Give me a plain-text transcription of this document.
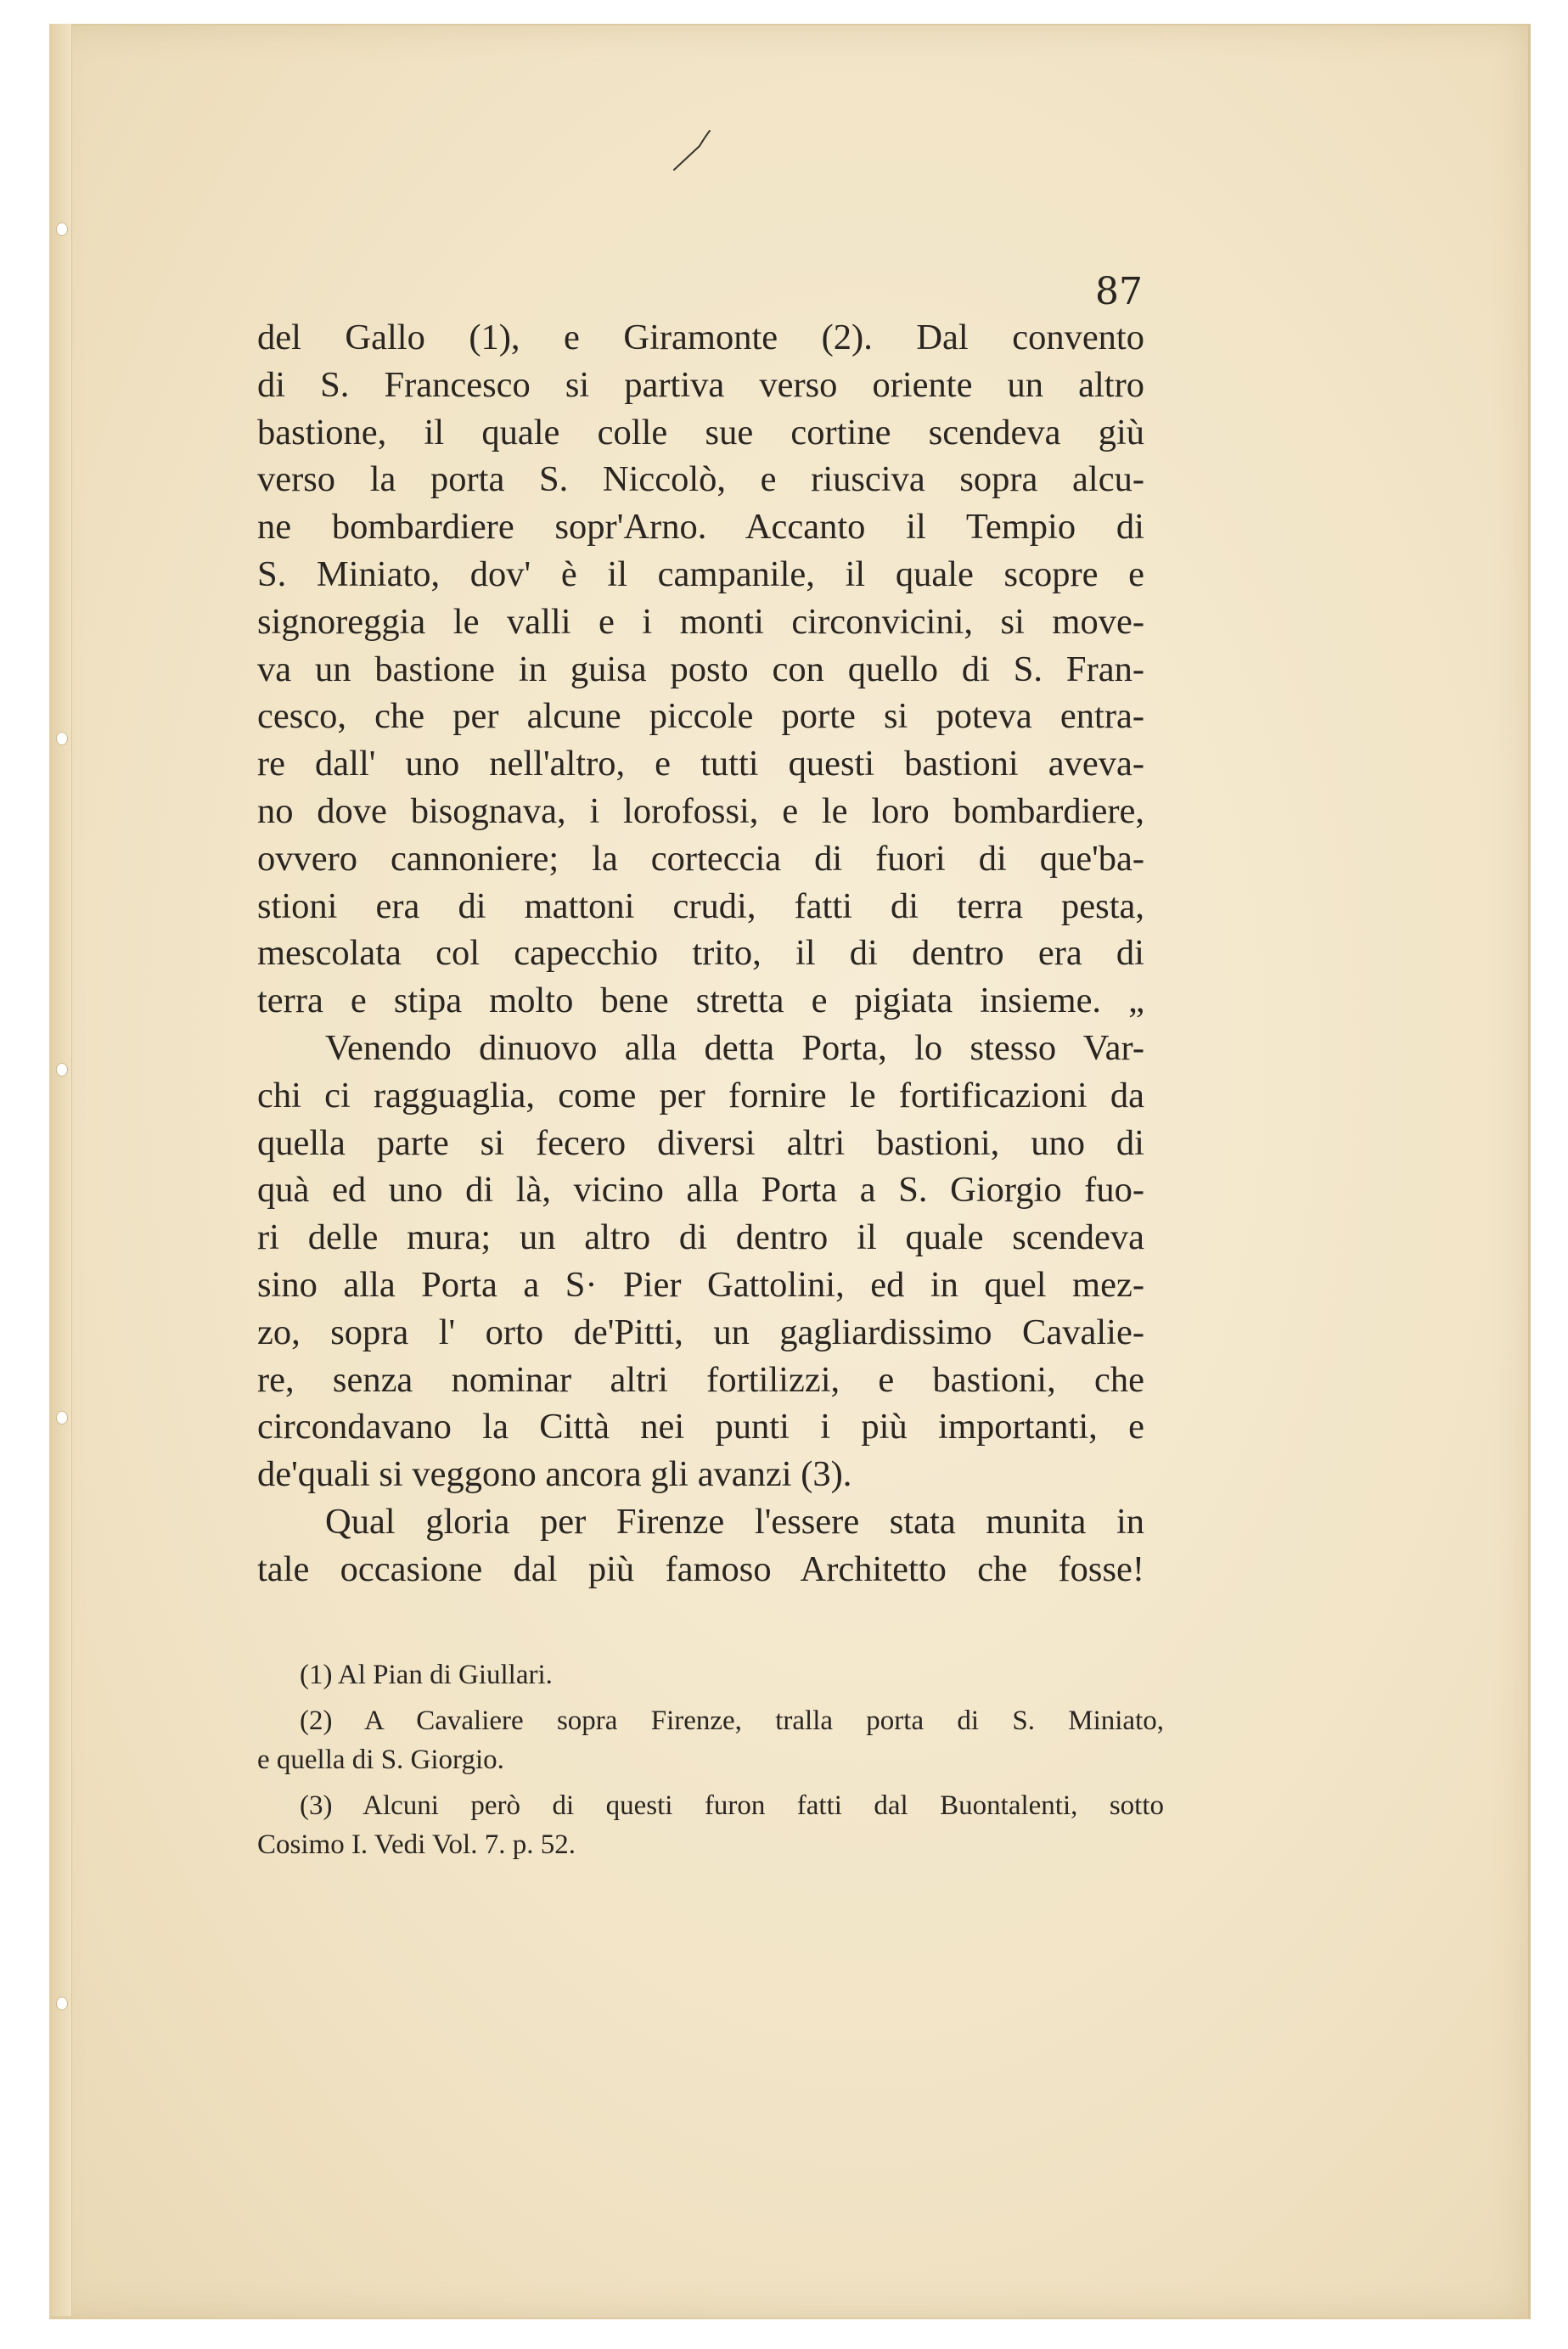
87
del Gallo (1), e Giramonte (2). Dal convento
di S. Francesco si partiva verso oriente un altro
bastione, il quale colle sue cortine scendeva giù
verso la porta S. Niccolò, e riusciva sopra alcu-
ne bombardiere sopr'Arno. Accanto il Tempio di
S. Miniato, dov' è il campanile, il quale scopre e
signoreggia le valli e i monti circonvicini, si move-
va un bastione in guisa posto con quello di S. Fran-
cesco, che per alcune piccole porte si poteva entra-
re dall' uno nell'altro, e tutti questi bastioni aveva-
no dove bisognava, i lorofossi, e le loro bombardiere,
ovvero cannoniere; la corteccia di fuori di que'ba-
stioni era di mattoni crudi, fatti di terra pesta,
mescolata col capecchio trito, il di dentro era di
terra e stipa molto bene stretta e pigiata insieme. „
Venendo dinuovo alla detta Porta, lo stesso Var-
chi ci ragguaglia, come per fornire le fortificazioni da
quella parte si fecero diversi altri bastioni, uno di
quà ed uno di là, vicino alla Porta a S. Giorgio fuo-
ri delle mura; un altro di dentro il quale scendeva
sino alla Porta a S· Pier Gattolini, ed in quel mez-
zo, sopra l' orto de'Pitti, un gagliardissimo Cavalie-
re, senza nominar altri fortilizzi, e bastioni, che
circondavano la Città nei punti i più importanti, e
de'quali si veggono ancora gli avanzi (3).
Qual gloria per Firenze l'essere stata munita in
tale occasione dal più famoso Architetto che fosse!
(1) Al Pian di Giullari.
(2) A Cavaliere sopra Firenze, tralla porta di S. Miniato,
e quella di S. Giorgio.
(3) Alcuni però di questi furon fatti dal Buontalenti, sotto
Cosimo I. Vedi Vol. 7. p. 52.
